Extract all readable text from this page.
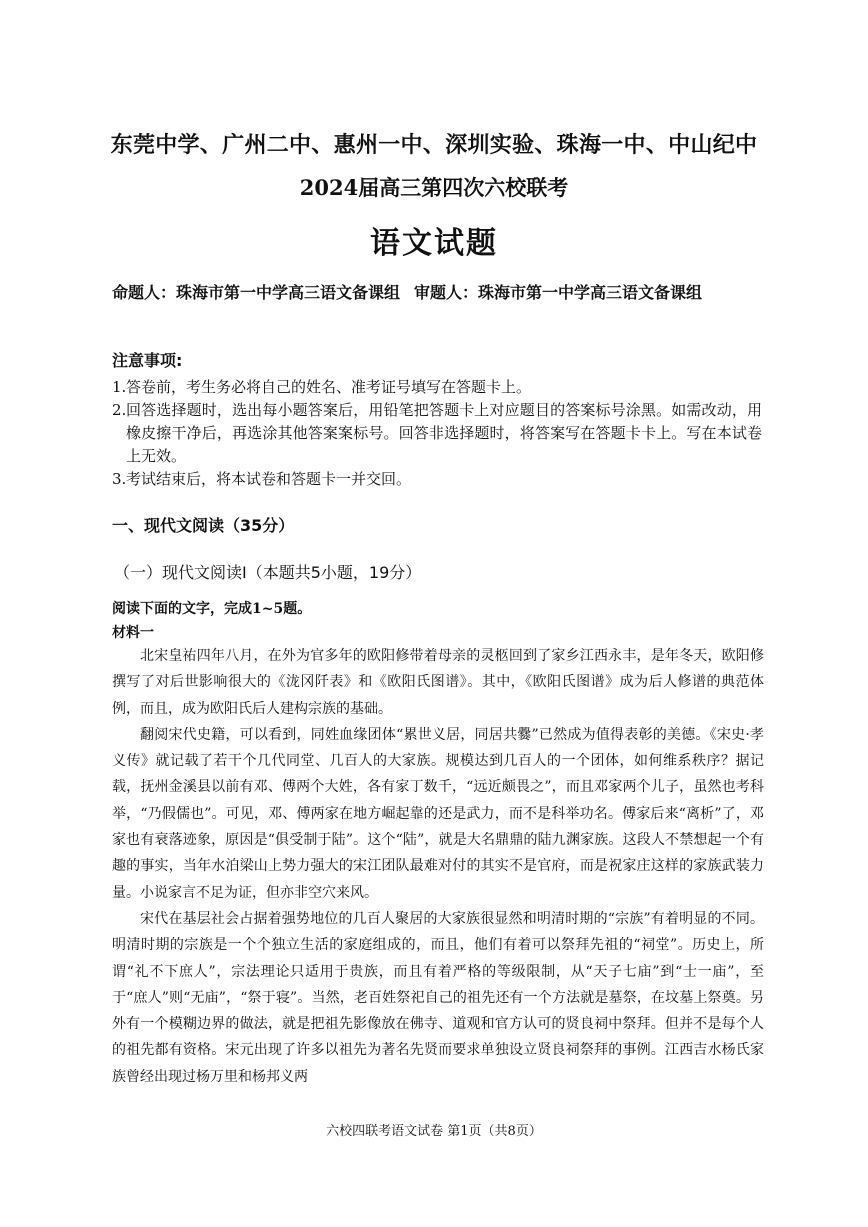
东莞中学、广州二中、惠州一中、深圳实验、珠海一中、中山纪中
2024届高三第四次六校联考
语文试题
命题人：珠海市第一中学高三语文备课组 审题人：珠海市第一中学高三语文备课组
注意事项:
1. 答卷前，考生务必将自己的姓名、准考证号填写在答题卡上。
2. 回答选择题时，选出每小题答案后，用铅笔把答题卡上对应题目的答案标号涂黑。如需改动，用橡皮擦干净后，再选涂其他答案案标号。回答非选择题时，将答案写在答题卡卡上。写在本试卷上无效。
3. 考试结束后，将本试卷和答题卡一并交回。
一、现代文阅读（35分）
（一）现代文阅读Ⅰ（本题共5小题，19分）
阅读下面的文字，完成1~5题。
材料一

北宋皇祐四年八月，在外为官多年的欧阳修带着母亲的灵柩回到了家乡江西永丰，是年冬天，欧阳修撰写了对后世影响很大的《泷冈阡表》和《欧阳氏图谱》。其中，《欧阳氏图谱》成为后人修谱的典范体例，而且，成为欧阳氏后人建构宗族的基础。

翻阅宋代史籍，可以看到，同姓血缘团体“累世义居，同居共爨”已然成为值得表彰的美德。《宋史·孝义传》就记载了若干个几代同堂、几百人的大家族。规模达到几百人的一个团体，如何维系秩序？据记载，抚州金溪县以前有邓、傅两个大姓，各有家丁数千，“远近颇畏之”，而且邓家两个儿子，虽然也考科举，“乃假儒也”。可见，邓、傅两家在地方崛起靠的还是武力，而不是科举功名。傅家后来“离析”了，邓家也有衰落迹象，原因是“俱受制于陆”。这个“陆”，就是大名鼎鼎的陆九渊家族。这段人不禁想起一个有趣的事实，当年水泊梁山上势力强大的宋江团队最难对付的其实不是官府，而是祝家庄这样的家族武装力量。小说家言不足为证，但亦非空穴来风。

宋代在基层社会占据着强势地位的几百人聚居的大家族很显然和明清时期的“宗族”有着明显的不同。明清时期的宗族是一个个独立生活的家庭组成的，而且，他们有着可以祭拜先祖的“祠堂”。历史上，所谓“礼不下庶人”，宗法理论只适用于贵族，而且有着严格的等级限制，从“天子七庙”到“士一庙”，至于“庶人”则“无庙”，“祭于寝”。当然，老百姓祭祀自己的祖先还有一个方法就是墓祭，在坟墓上祭奠。另外有一个模糊边界的做法，就是把祖先影像放在佛寺、道观和官方认可的贤良祠中祭拜。但并不是每个人的祖先都有资格。宋元出现了许多以祖先为著名先贤而要求单独设立贤良祠祭拜的事例。江西吉水杨氏家族曾经出现过杨万里和杨邦义两

六校四联考语文试卷 第1页（共8页）
